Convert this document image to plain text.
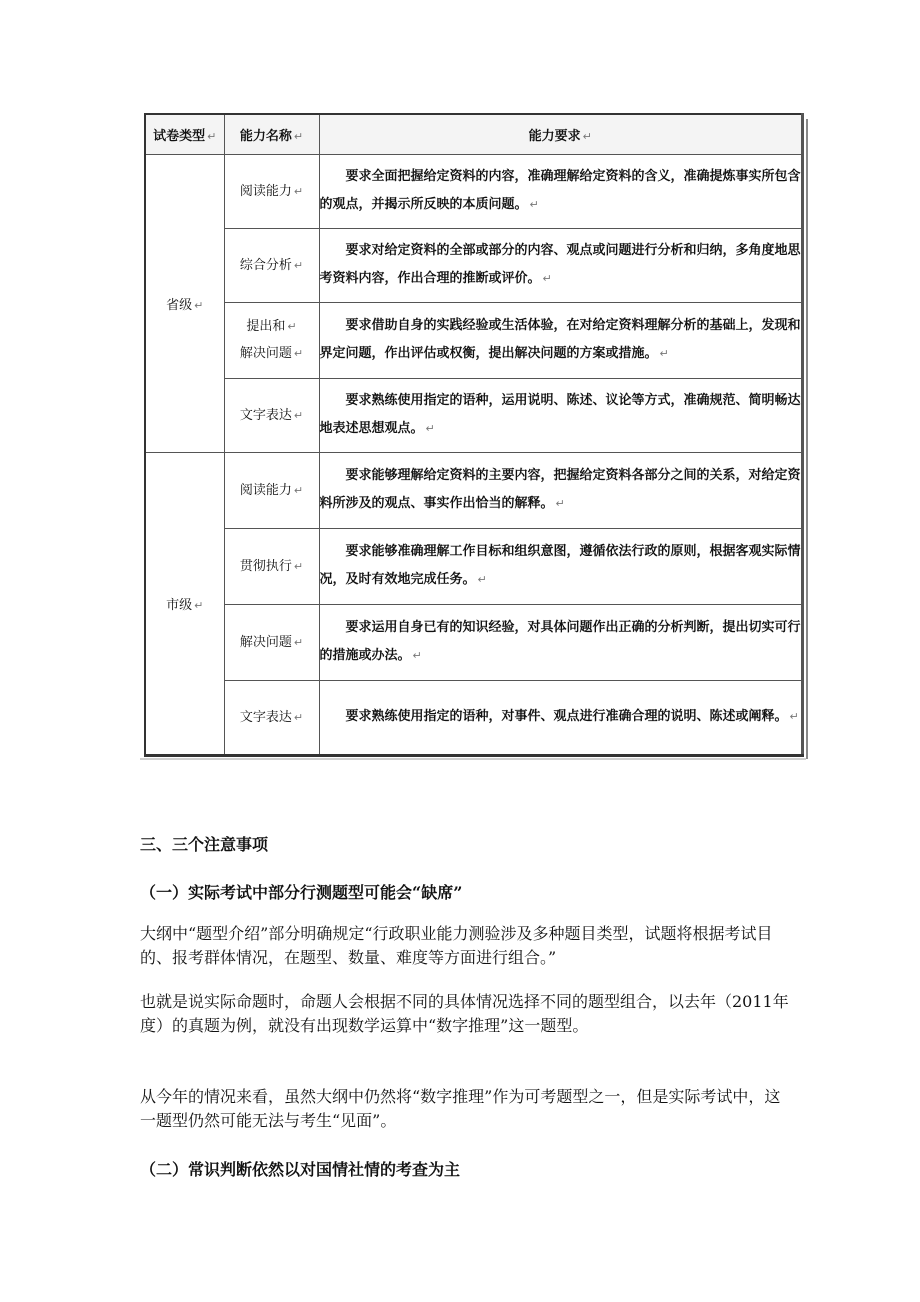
试卷类型 ↵	能力名称 ↵	能力要求 ↵
省级 ↵	阅读能力 ↵	要求全面把握给定资料的内容，准确理解给定资料的含义，准确提炼事实所包含的观点，并揭示所反映的本质问题。 ↵

	综合分析 ↵	要求对给定资料的全部或部分的内容、观点或问题进行分析和归纳，多角度地思考资料内容，作出合理的推断或评价。 ↵

	提出和 ↵
解决问题 ↵	要求借助自身的实践经验或生活体验，在对给定资料理解分析的基础上，发现和界定问题，作出评估或权衡，提出解决问题的方案或措施。 ↵

	文字表达 ↵	要求熟练使用指定的语种，运用说明、陈述、议论等方式，准确规范、简明畅达地表述思想观点。 ↵

市级 ↵	阅读能力 ↵	要求能够理解给定资料的主要内容，把握给定资料各部分之间的关系，对给定资料所涉及的观点、事实作出恰当的解释。 ↵

	贯彻执行 ↵	要求能够准确理解工作目标和组织意图，遵循依法行政的原则，根据客观实际情况，及时有效地完成任务。 ↵

	解决问题 ↵	要求运用自身已有的知识经验，对具体问题作出正确的分析判断，提出切实可行的措施或办法。 ↵

	文字表达 ↵	要求熟练使用指定的语种，对事件、观点进行准确合理的说明、陈述或阐释。 ↵
三、三个注意事项
（一）实际考试中部分行测题型可能会“缺席”
大纲中“题型介绍”部分明确规定“行政职业能力测验涉及多种题目类型，试题将根据考试目的、报考群体情况，在题型、数量、难度等方面进行组合。”
也就是说实际命题时，命题人会根据不同的具体情况选择不同的题型组合，以去年（2011年度）的真题为例，就没有出现数学运算中“数字推理”这一题型。
从今年的情况来看，虽然大纲中仍然将“数字推理”作为可考题型之一，但是实际考试中，这一题型仍然可能无法与考生“见面”。
（二）常识判断依然以对国情社情的考查为主
